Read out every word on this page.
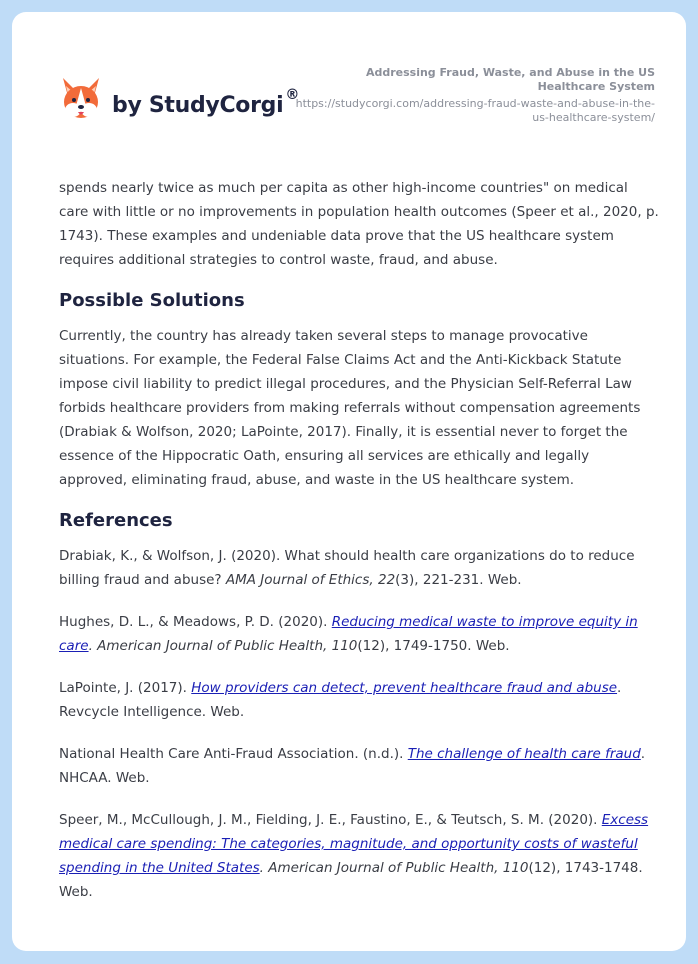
by StudyCorgi ®
Addressing Fraud, Waste, and Abuse in the US Healthcare System
https://studycorgi.com/addressing-fraud-waste-and-abuse-in-the-us-healthcare-system/

spends nearly twice as much per capita as other high-income countries" on medical care with little or no improvements in population health outcomes (Speer et al., 2020, p. 1743). These examples and undeniable data prove that the US healthcare system requires additional strategies to control waste, fraud, and abuse.

Possible Solutions

Currently, the country has already taken several steps to manage provocative situations. For example, the Federal False Claims Act and the Anti-Kickback Statute impose civil liability to predict illegal procedures, and the Physician Self-Referral Law forbids healthcare providers from making referrals without compensation agreements (Drabiak & Wolfson, 2020; LaPointe, 2017). Finally, it is essential never to forget the essence of the Hippocratic Oath, ensuring all services are ethically and legally approved, eliminating fraud, abuse, and waste in the US healthcare system.

References

Drabiak, K., & Wolfson, J. (2020). What should health care organizations do to reduce billing fraud and abuse? AMA Journal of Ethics, 22(3), 221-231. Web.

Hughes, D. L., & Meadows, P. D. (2020). Reducing medical waste to improve equity in care. American Journal of Public Health, 110(12), 1749-1750. Web.

LaPointe, J. (2017). How providers can detect, prevent healthcare fraud and abuse. Revcycle Intelligence. Web.

National Health Care Anti-Fraud Association. (n.d.). The challenge of health care fraud. NHCAA. Web.

Speer, M., McCullough, J. M., Fielding, J. E., Faustino, E., & Teutsch, S. M. (2020). Excess medical care spending: The categories, magnitude, and opportunity costs of wasteful spending in the United States. American Journal of Public Health, 110(12), 1743-1748. Web.
